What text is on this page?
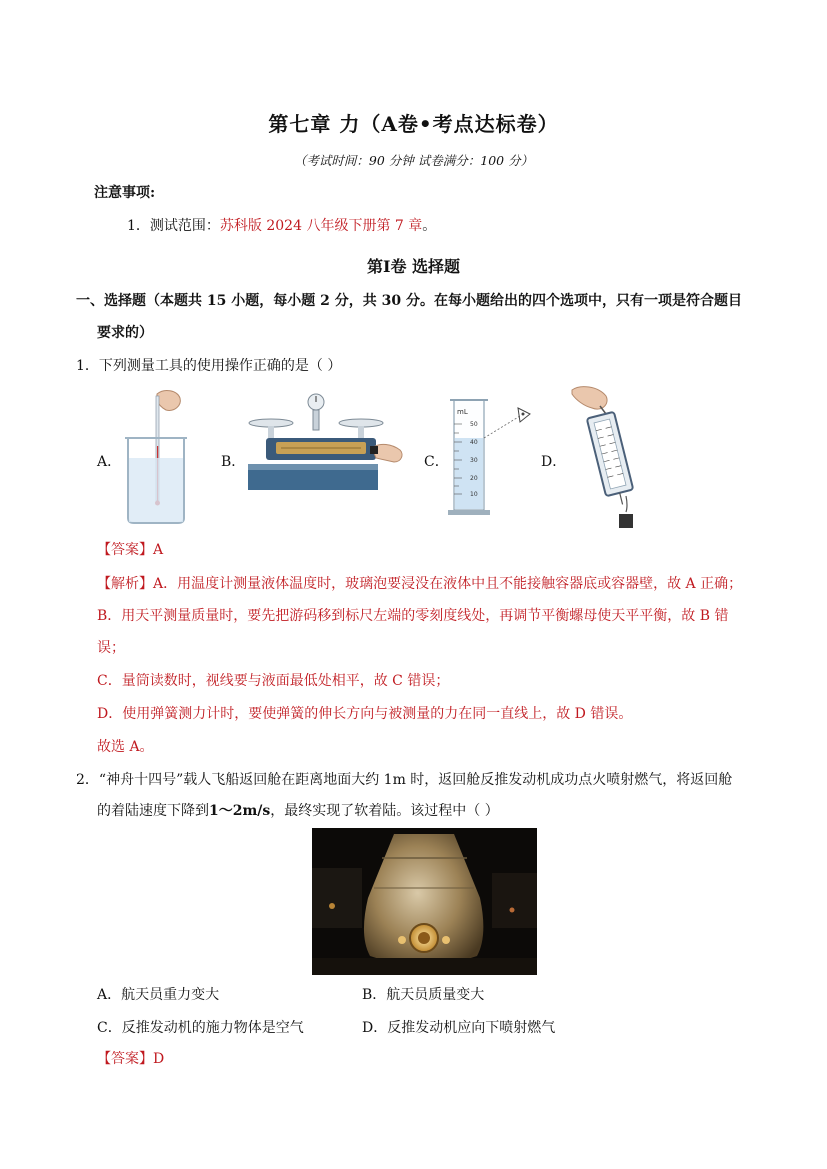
第七章 力（A卷•考点达标卷）
（考试时间：90 分钟 试卷满分：100 分）
注意事项:
1．测试范围：苏科版 2024 八年级下册第 7 章。
第Ⅰ卷 选择题
一、选择题（本题共 15 小题，每小题 2 分，共 30 分。在每小题给出的四个选项中，只有一项是符合题目
要求的）
1．下列测量工具的使用操作正确的是（ ）
A．	B．	C．	D．
mL
50
40
30
20
10
【答案】A
【解析】A．用温度计测量液体温度时，玻璃泡要浸没在液体中且不能接触容器底或容器壁，故 A 正确；
B．用天平测量质量时，要先把游码移到标尺左端的零刻度线处，再调节平衡螺母使天平平衡，故 B 错
误；
C．量筒读数时，视线要与液面最低处相平，故 C 错误；
D．使用弹簧测力计时，要使弹簧的伸长方向与被测量的力在同一直线上，故 D 错误。
故选 A。
2．“神舟十四号”载人飞船返回舱在距离地面大约 1m 时，返回舱反推发动机成功点火喷射燃气，将返回舱
的着陆速度下降到1～2m/s，最终实现了软着陆。该过程中（ ）
A．航天员重力变大	B．航天员质量变大
C．反推发动机的施力物体是空气	D．反推发动机应向下喷射燃气
【答案】D
